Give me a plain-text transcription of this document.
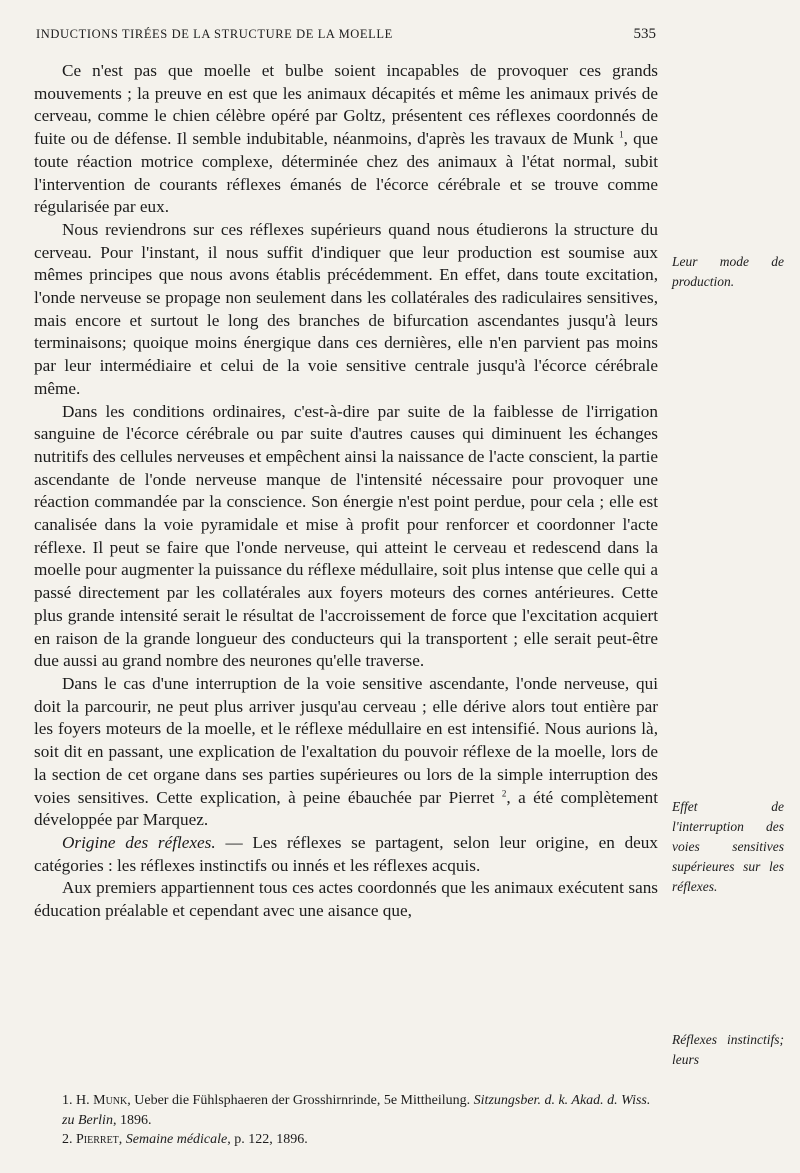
INDUCTIONS TIRÉES DE LA STRUCTURE DE LA MOELLE	535

Ce n'est pas que moelle et bulbe soient incapables de provoquer ces grands mouvements ; la preuve en est que les animaux décapités et même les animaux privés de cerveau, comme le chien célèbre opéré par Goltz, présentent ces réflexes coordonnés de fuite ou de défense. Il semble indubitable, néanmoins, d'après les travaux de Munk $^1$, que toute réaction motrice complexe, déterminée chez des animaux à l'état normal, subit l'intervention de courants réflexes émanés de l'écorce cérébrale et se trouve comme régularisée par eux.

Nous reviendrons sur ces réflexes supérieurs quand nous étudierons la structure du cerveau. Pour l'instant, il nous suffit d'indiquer que leur production est soumise aux mêmes principes que nous avons établis précédemment. En effet, dans toute excitation, l'onde nerveuse se propage non seulement dans les collatérales des radiculaires sensitives, mais encore et surtout le long des branches de bifurcation ascendantes jusqu'à leurs terminaisons; quoique moins énergique dans ces dernières, elle n'en parvient pas moins par leur intermédiaire et celui de la voie sensitive centrale jusqu'à l'écorce cérébrale même.

Dans les conditions ordinaires, c'est-à-dire par suite de la faiblesse de l'irrigation sanguine de l'écorce cérébrale ou par suite d'autres causes qui diminuent les échanges nutritifs des cellules nerveuses et empêchent ainsi la naissance de l'acte conscient, la partie ascendante de l'onde nerveuse manque de l'intensité nécessaire pour provoquer une réaction commandée par la conscience. Son énergie n'est point perdue, pour cela ; elle est canalisée dans la voie pyramidale et mise à profit pour renforcer et coordonner l'acte réflexe. Il peut se faire que l'onde nerveuse, qui atteint le cerveau et redescend dans la moelle pour augmenter la puissance du réflexe médullaire, soit plus intense que celle qui a passé directement par les collatérales aux foyers moteurs des cornes antérieures. Cette plus grande intensité serait le résultat de l'accroissement de force que l'excitation acquiert en raison de la grande longueur des conducteurs qui la transportent ; elle serait peut-être due aussi au grand nombre des neurones qu'elle traverse.

Dans le cas d'une interruption de la voie sensitive ascendante, l'onde nerveuse, qui doit la parcourir, ne peut plus arriver jusqu'au cerveau ; elle dérive alors tout entière par les foyers moteurs de la moelle, et le réflexe médullaire en est intensifié. Nous aurions là, soit dit en passant, une explication de l'exaltation du pouvoir réflexe de la moelle, lors de la section de cet organe dans ses parties supérieures ou lors de la simple interruption des voies sensitives. Cette explication, à peine ébauchée par Pierret $^2$, a été complètement développée par Marquez.

Origine des réflexes. — Les réflexes se partagent, selon leur origine, en deux catégories : les réflexes instinctifs ou innés et les réflexes acquis.

Aux premiers appartiennent tous ces actes coordonnés que les animaux exécutent sans éducation préalable et cependant avec une aisance que,

Leur mode de production.
Effet de l'interruption des voies sensitives supérieures sur les réflexes.
Réflexes instinctifs; leurs
1. H. Munk, Ueber die Fühlsphaeren der Grosshirnrinde, 5e Mittheilung. Sitzungsber. d. k. Akad. d. Wiss. zu Berlin, 1896.
2. Pierret, Semaine médicale, p. 122, 1896.
